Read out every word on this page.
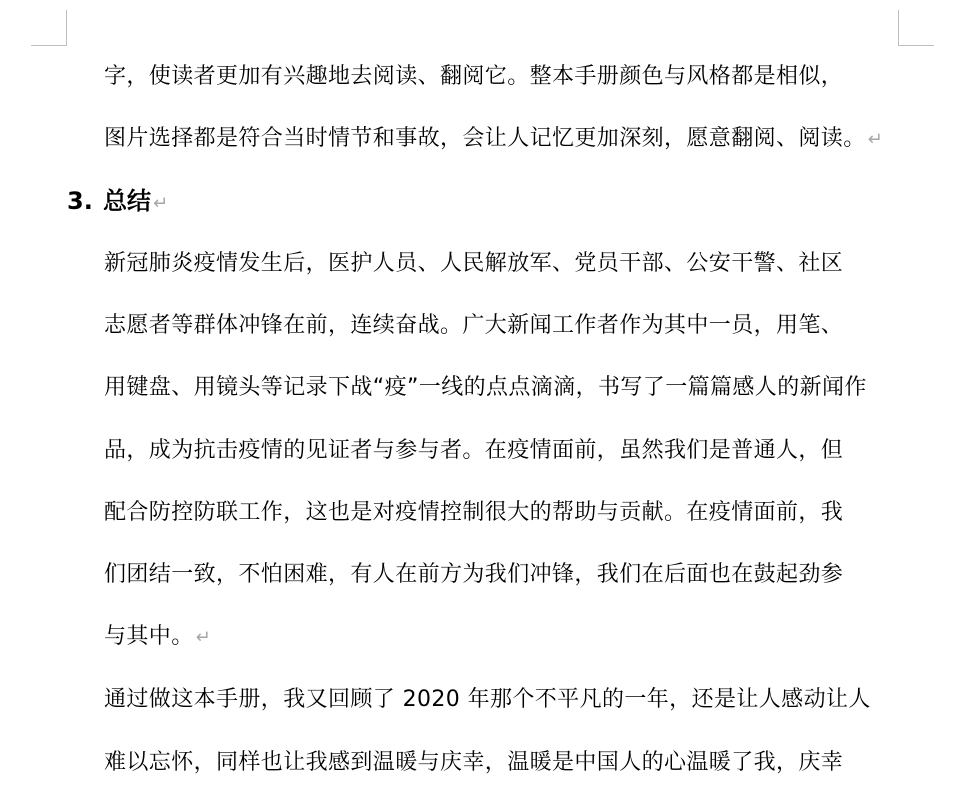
字，使读者更加有兴趣地去阅读、翻阅它。整本手册颜色与风格都是相似，
图片选择都是符合当时情节和事故，会让人记忆更加深刻，愿意翻阅、阅读。 ↵
3. 总结 ↵
新冠肺炎疫情发生后，医护人员、人民解放军、党员干部、公安干警、社区
志愿者等群体冲锋在前，连续奋战。广大新闻工作者作为其中一员，用笔、
用键盘、用镜头等记录下战“疫”一线的点点滴滴，书写了一篇篇感人的新闻作
品，成为抗击疫情的见证者与参与者。在疫情面前，虽然我们是普通人，但
配合防控防联工作，这也是对疫情控制很大的帮助与贡献。在疫情面前，我
们团结一致，不怕困难，有人在前方为我们冲锋，我们在后面也在鼓起劲参
与其中。 ↵
通过做这本手册，我又回顾了 2020 年那个不平凡的一年，还是让人感动让人
难以忘怀，同样也让我感到温暖与庆幸，温暖是中国人的心温暖了我，庆幸
